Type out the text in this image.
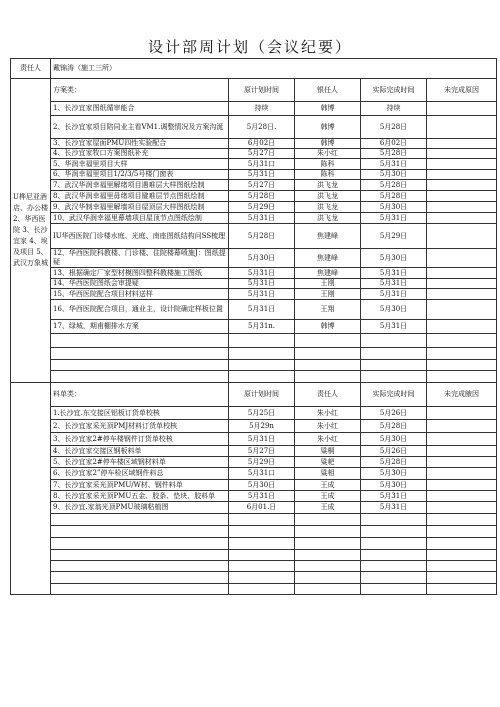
设计部周计划（会议纪要）
责任人	戴锦涛（施工三所）				
U桦尼亚酒店、办公楼2、华西医院 3、长沙宜家 4、埃及项目 5、武汉万象城	方案类：	原计划时间	银任人	实际完成时间	未完成原因
	1、长沙宜家图纸循审能合	持续	韩博	持续	
	2、长沙宜家项目陪同业主看VM1.调整情况及方案沟涎	5月28日.	韩博	5月28日	
	3、长沙宜家屋面PMU四性实验配合	6月02日	韩博	6月02日	
	4、长沙宜家牧口方案图纸补充	5月27日	朱小红	5月28日	
	5、华润幸福里项目大样	5月31口	陈科	5月31日	
	6、华润幸福里项目1/2/3/5号楼门窗表	5月31日	陈科	5月30日	
	7、武汉华润幸福里解绪项目遇难层大样图纸绘制	5月27日	洪飞龙	5月28日	
	8、武汉华润幸福里毋绪项目避难层节点图纸绘制	5月28日	洪飞龙	5月28日	
	9、武汉华制幸福里解墙项目屋顶层大样图纸绘制	5月29日	洪飞龙	5月30日	
	10、武汉华润幸福里幕墙项目屋顶节点图纸绘制	5月31日	洪飞龙	5月31日	
	IU华西医院门诊楼水庭、光庭、南座图纸结构问SS梳理	5月28日	焦建峰	5月29日	
	12、华西医院科教楼、门诊楼、住院楼幕喷施J：图纸提疑	5月30日	焦建峰	5月30日	
	13、根据确定厂家型材模图四整科教楼施工图纸	5月31日	焦建峰	5月31日	
	14、华西医院图纸会审提疑	5月31日	王刚	5月31日	
	15、华西医院配合项目材料送样	5月31日	王刚	5月31日	
	16、华西医院配合项目，通业主，设计院确定样板位置	5月31日	王翔	5月30日	
	17、绿城，期甫棚排水方案	5月31n.	韩博	5月31日	

	料单类：	原计划时间	责任人	实际完成时间	未完成腋因
	1.长沙宜.东交接区铝板订货单校核	5月25日	朱小红	5月26日	
	2、长沙宜家采光顶PMJ材料订货单校核	5月29n	朱小红	5月28日	
	3、长沙宜家2#停车楼钢件订货单校核	5月31日	朱小红	5月30日	
	4、长沙宜家交接区钢板料单	5月27日	粱桐	5月26日	
	5、长沙宜家2#停车楼区域钢材料单	5月29日	粱耙	5月28日	
	6、长沙宜家2”停车检区域钢件料总	5月31口	粱相	5月30日	
	7、长沙宜家采光顶PMU/W材、钢件料单	5月30日	王成	5月30日	
	8、长沙宜家采光顶PMU五金、胶条、垫块、胶料单	5月31日	王成	5月31日	
	9、长沙宜.家翁光顶PMU玻璃粘植图	6月01.日	王成	5月31日	
